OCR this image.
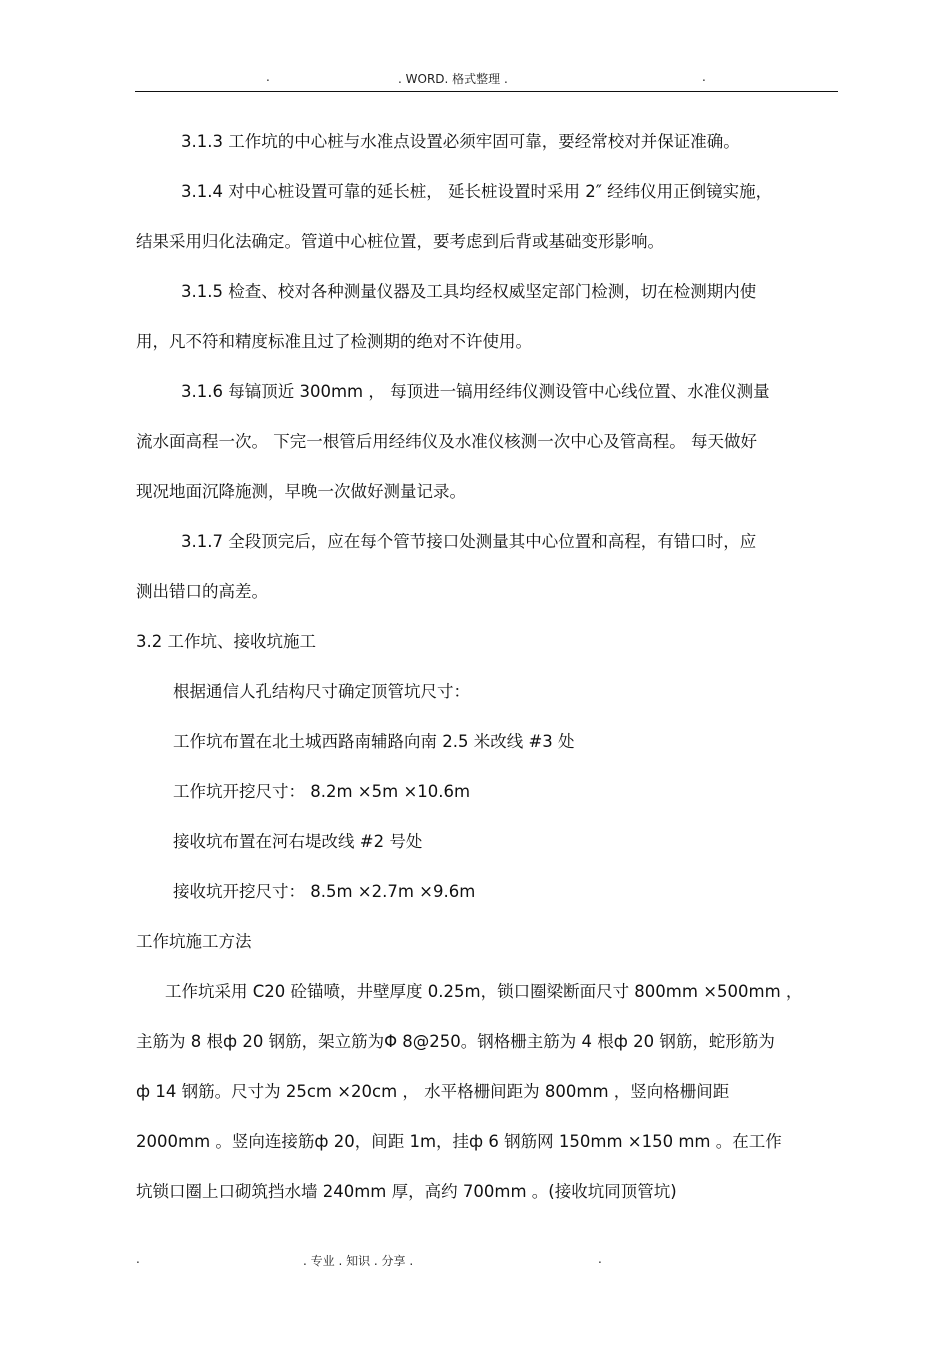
.	. WORD. 格式整理 .	.
3.1.3 工作坑的中心桩与水准点设置必须牢固可靠，要经常校对并保证准确。
3.1.4 对中心桩设置可靠的延长桩， 延长桩设置时采用 2″ 经纬仪用正倒镜实施，
结果采用归化法确定。管道中心桩位置，要考虑到后背或基础变形影响。
3.1.5 检查、校对各种测量仪器及工具均经权威坚定部门检测，切在检测期内使
用，凡不符和精度标准且过了检测期的绝对不许使用。
3.1.6 每镐顶近 300mm ， 每顶进一镐用经纬仪测设管中心线位置、水准仪测量
流水面高程一次。 下完一根管后用经纬仪及水准仪核测一次中心及管高程。 每天做好
现况地面沉降施测，早晚一次做好测量记录。
3.1.7 全段顶完后，应在每个管节接口处测量其中心位置和高程，有错口时，应
测出错口的高差。
3.2 工作坑、接收坑施工
根据通信人孔结构尺寸确定顶管坑尺寸：
工作坑布置在北土城西路南辅路向南 2.5 米改线 #3 处
工作坑开挖尺寸： 8.2m ×5m ×10.6m
接收坑布置在河右堤改线 #2 号处
接收坑开挖尺寸： 8.5m ×2.7m ×9.6m
工作坑施工方法
工作坑采用 C20 砼锚喷，井壁厚度 0.25m，锁口圈梁断面尺寸 800mm ×500mm ，
主筋为 8 根ф 20 钢筋，架立筋为Φ 8@250。钢格栅主筋为 4 根ф 20 钢筋，蛇形筋为
ф 14 钢筋。尺寸为 25cm ×20cm ， 水平格栅间距为 800mm ，竖向格栅间距
2000mm 。竖向连接筋ф 20，间距 1m，挂ф 6 钢筋网 150mm ×150 mm 。在工作
坑锁口圈上口砌筑挡水墙 240mm 厚，高约 700mm 。(接收坑同顶管坑)
.	. 专业 . 知识 . 分享 .	.
